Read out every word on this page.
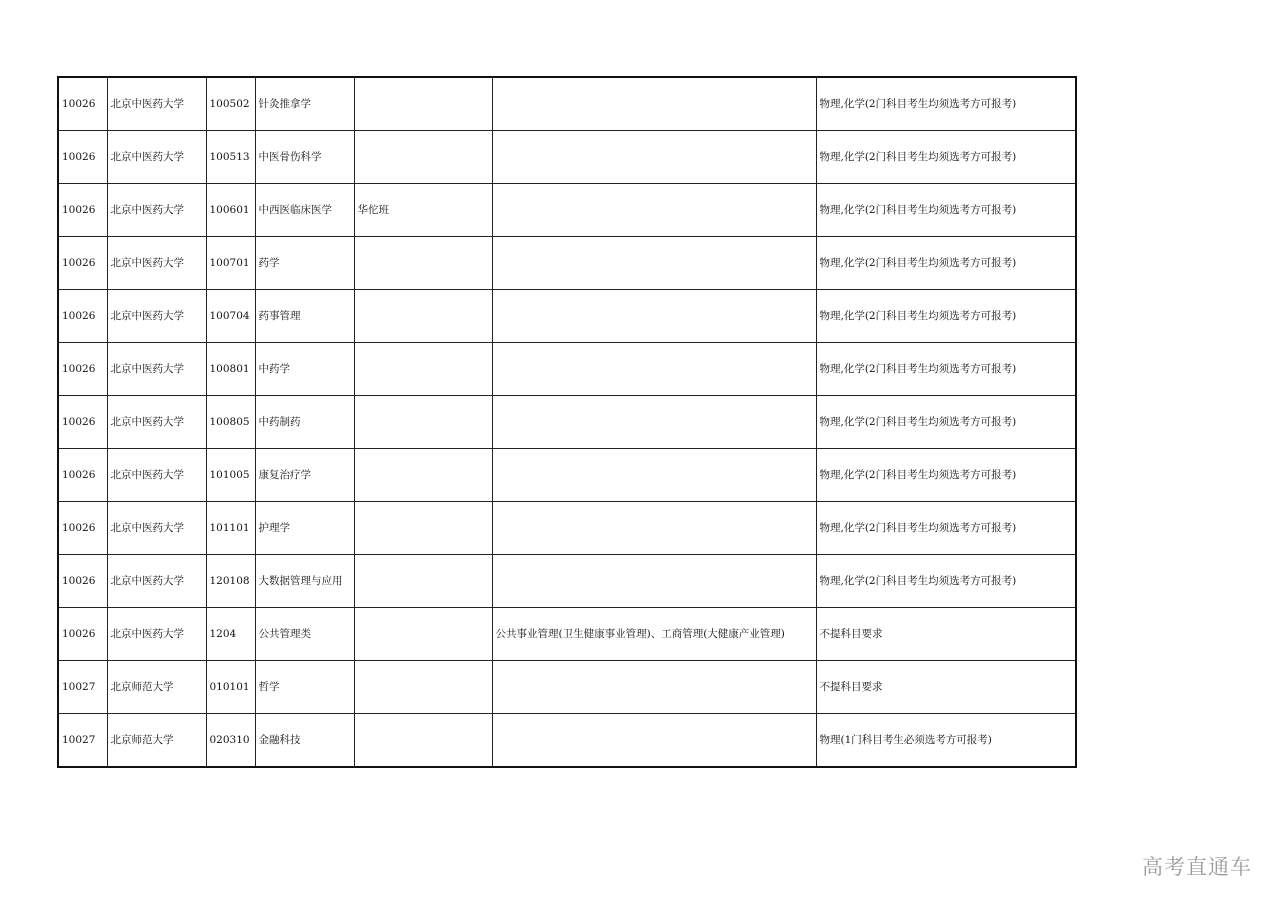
10026	北京中医药大学	100502	针灸推拿学			物理,化学(2门科目考生均须选考方可报考)
10026	北京中医药大学	100513	中医骨伤科学			物理,化学(2门科目考生均须选考方可报考)
10026	北京中医药大学	100601	中西医临床医学	华佗班		物理,化学(2门科目考生均须选考方可报考)
10026	北京中医药大学	100701	药学			物理,化学(2门科目考生均须选考方可报考)
10026	北京中医药大学	100704	药事管理			物理,化学(2门科目考生均须选考方可报考)
10026	北京中医药大学	100801	中药学			物理,化学(2门科目考生均须选考方可报考)
10026	北京中医药大学	100805	中药制药			物理,化学(2门科目考生均须选考方可报考)
10026	北京中医药大学	101005	康复治疗学			物理,化学(2门科目考生均须选考方可报考)
10026	北京中医药大学	101101	护理学			物理,化学(2门科目考生均须选考方可报考)
10026	北京中医药大学	120108	大数据管理与应用			物理,化学(2门科目考生均须选考方可报考)
10026	北京中医药大学	1204	公共管理类		公共事业管理(卫生健康事业管理)、工商管理(大健康产业管理)	不提科目要求
10027	北京师范大学	010101	哲学			不提科目要求
10027	北京师范大学	020310	金融科技			物理(1门科目考生必须选考方可报考)
高考直通车
